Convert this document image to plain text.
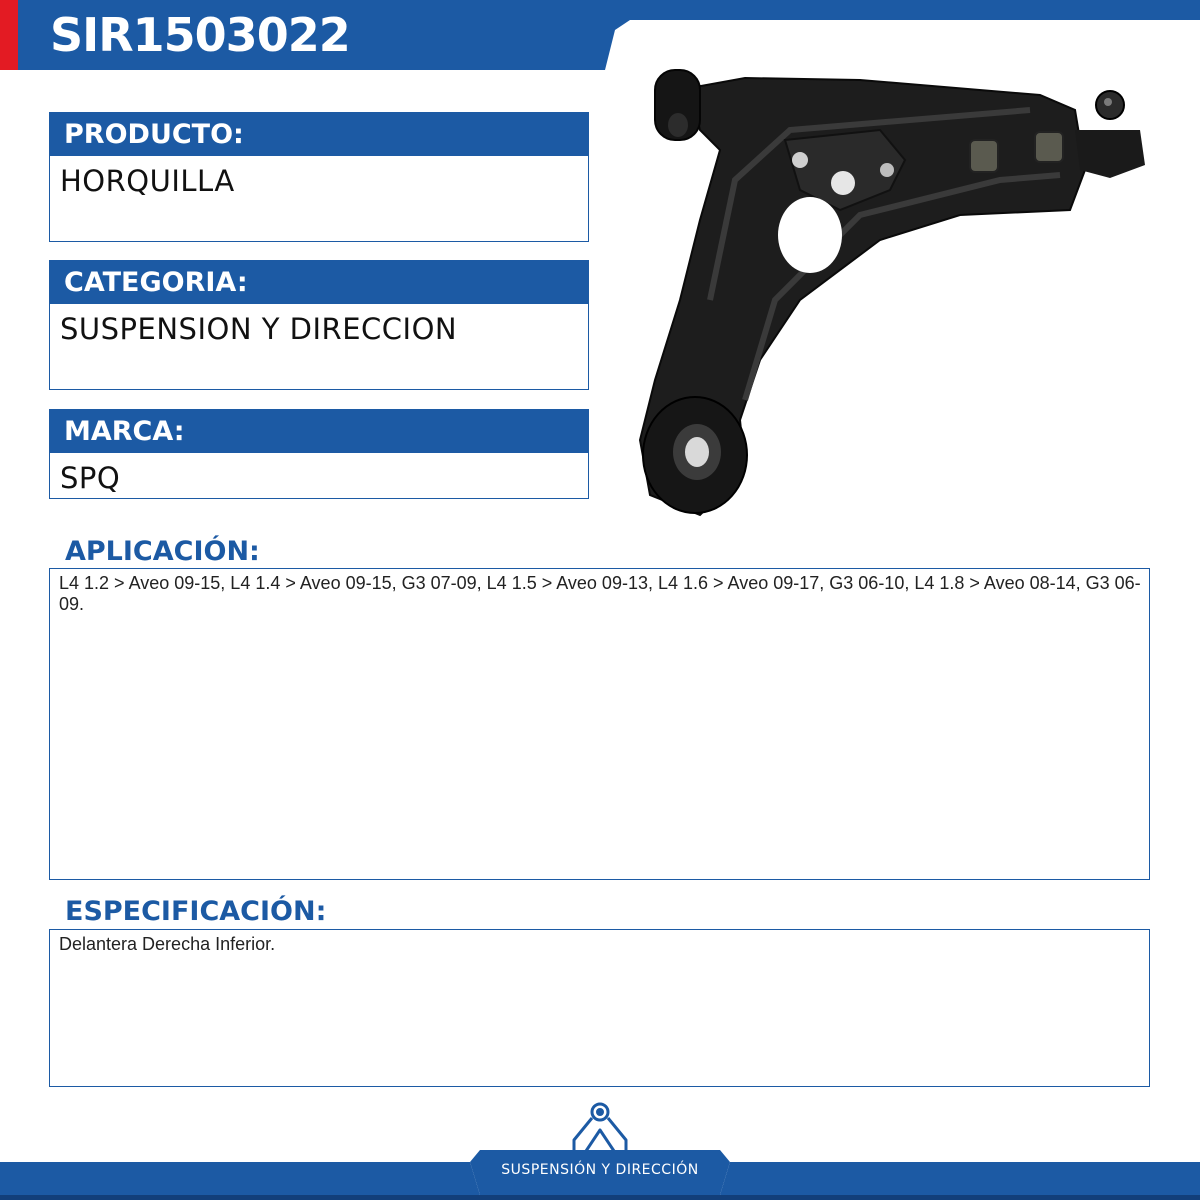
SIR1503022
PRODUCTO:
HORQUILLA
CATEGORIA:
SUSPENSION Y DIRECCION
MARCA:
SPQ
APLICACIÓN:
L4 1.2 > Aveo 09-15, L4 1.4 > Aveo 09-15, G3 07-09, L4 1.5 > Aveo 09-13, L4 1.6 > Aveo 09-17, G3 06-10, L4 1.8 > Aveo 08-14, G3 06-09.
ESPECIFICACIÓN:
Delantera Derecha Inferior.
SUSPENSIÓN Y DIRECCIÓN
